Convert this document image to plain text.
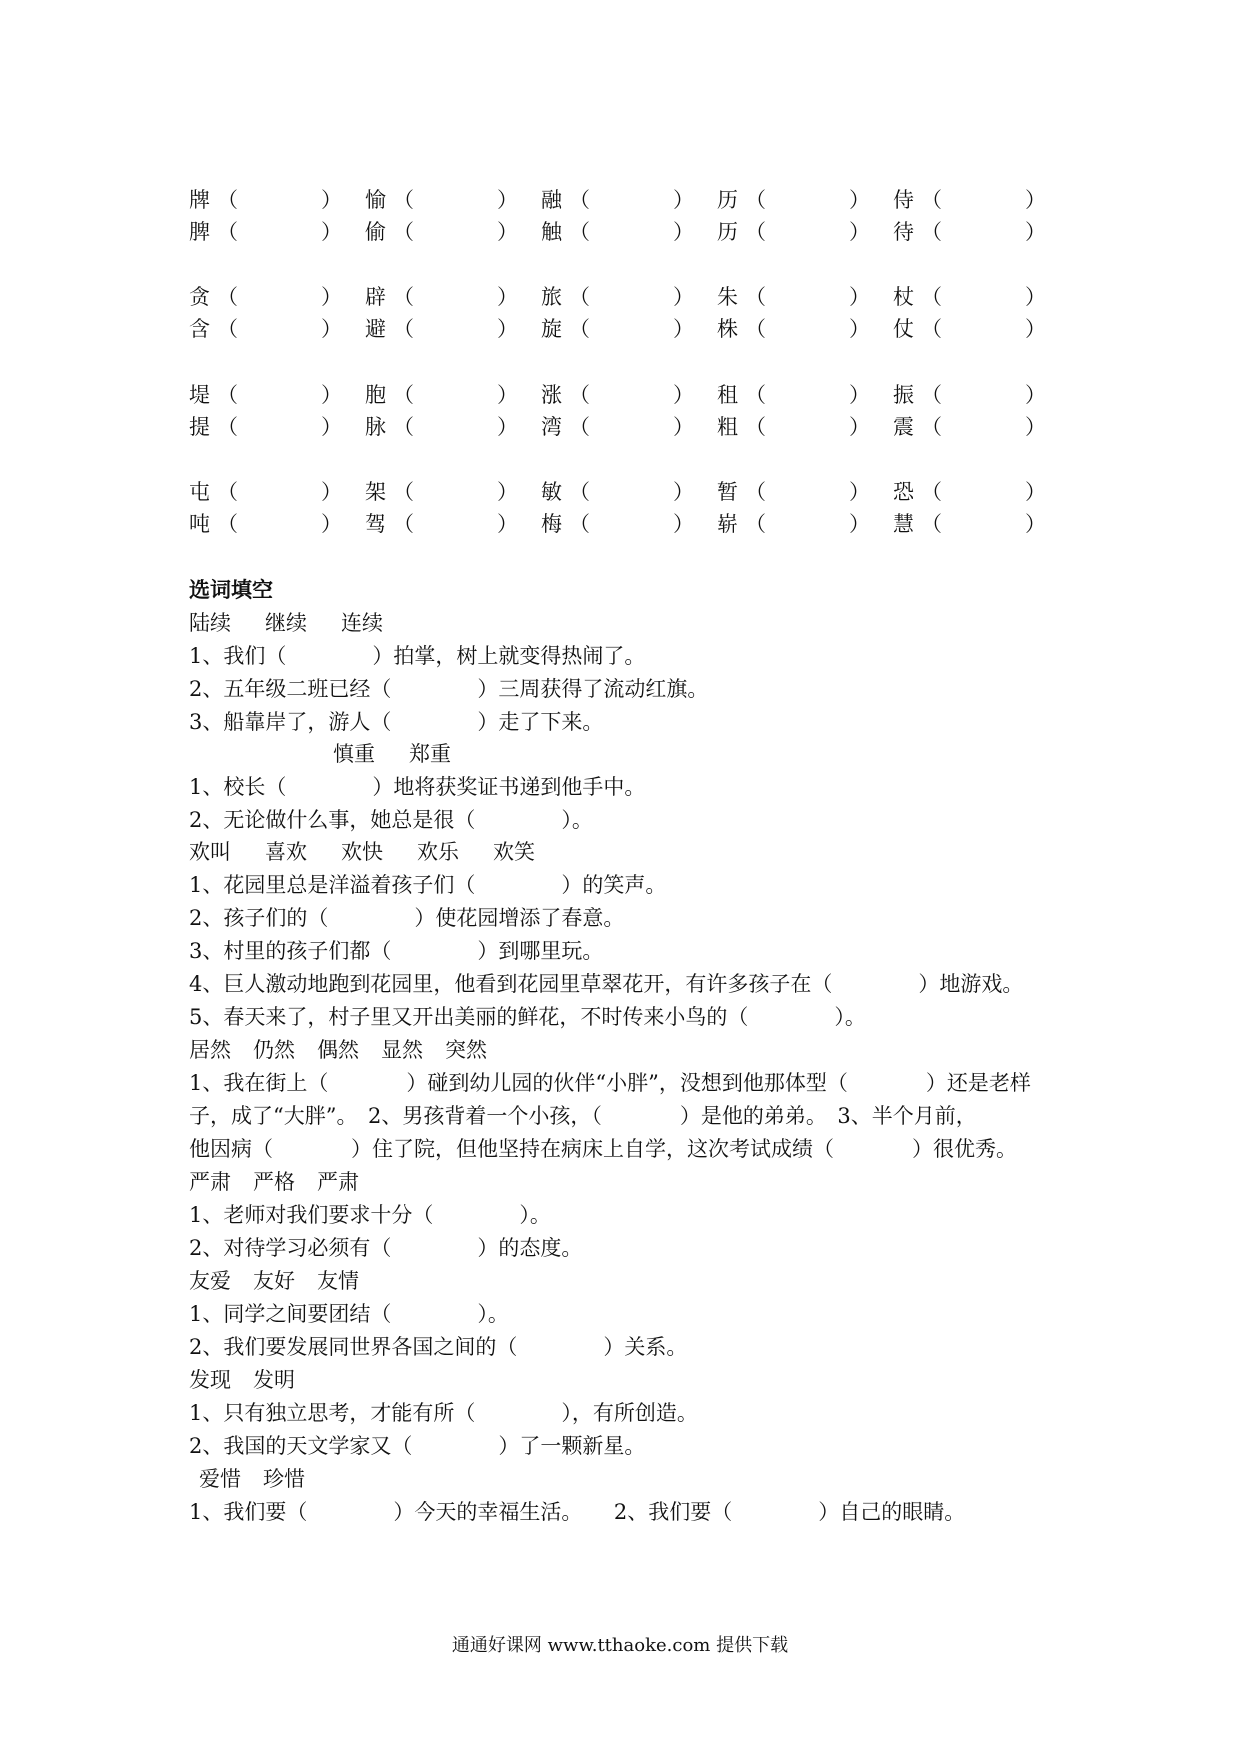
牌 （	） 愉 （	） 融 （	） 历 （	） 侍 （	）
脾 （	） 偷 （	） 触 （	） 历 （	） 待 （	）
贪 （	） 辟 （	） 旅 （	） 朱 （	） 杖 （	）
含 （	） 避 （	） 旋 （	） 株 （	） 仗 （	）
堤 （	） 胞 （	） 涨 （	） 租 （	） 振 （	）
提 （	） 脉 （	） 湾 （	） 粗 （	） 震 （	）
屯 （	） 架 （	） 敏 （	） 暂 （	） 恐 （	）
吨 （	） 驾 （	） 梅 （	） 崭 （	） 慧 （	）
选词填空
陆续 继续 连续
1、我们（	）拍掌，树上就变得热闹了。
2、五年级二班已经（	）三周获得了流动红旗。
3、船靠岸了，游人（	）走了下来。
慎重 郑重
1、校长（	）地将获奖证书递到他手中。
2、无论做什么事，她总是很（	）。
欢叫 喜欢 欢快 欢乐 欢笑
1、花园里总是洋溢着孩子们（	）的笑声。
2、孩子们的（	）使花园增添了春意。
3、村里的孩子们都（	）到哪里玩。
4、巨人激动地跑到花园里，他看到花园里草翠花开，有许多孩子在（	）地游戏。
5、春天来了，村子里又开出美丽的鲜花，不时传来小鸟的（	）。
居然 仍然 偶然 显然 突然
1、我在街上（	）碰到幼儿园的伙伴“小胖”，没想到他那体型（	）还是老样
子，成了“大胖”。　2、男孩背着一个小孩，（	）是他的弟弟。　3、半个月前，
他因病（	）住了院，但他坚持在病床上自学，这次考试成绩（	）很优秀。
严肃 严格 严肃
1、老师对我们要求十分（	）。
2、对待学习必须有（	）的态度。
友爱 友好 友情
1、同学之间要团结（	）。
2、我们要发展同世界各国之间的（	）关系。
发现 发明
1、只有独立思考，才能有所（	），有所创造。
2、我国的天文学家又（	）了一颗新星。
爱惜 珍惜
1、我们要（	）今天的幸福生活。　　2、我们要（	）自己的眼睛。
通通好课网 www.tthaoke.com 提供下载
